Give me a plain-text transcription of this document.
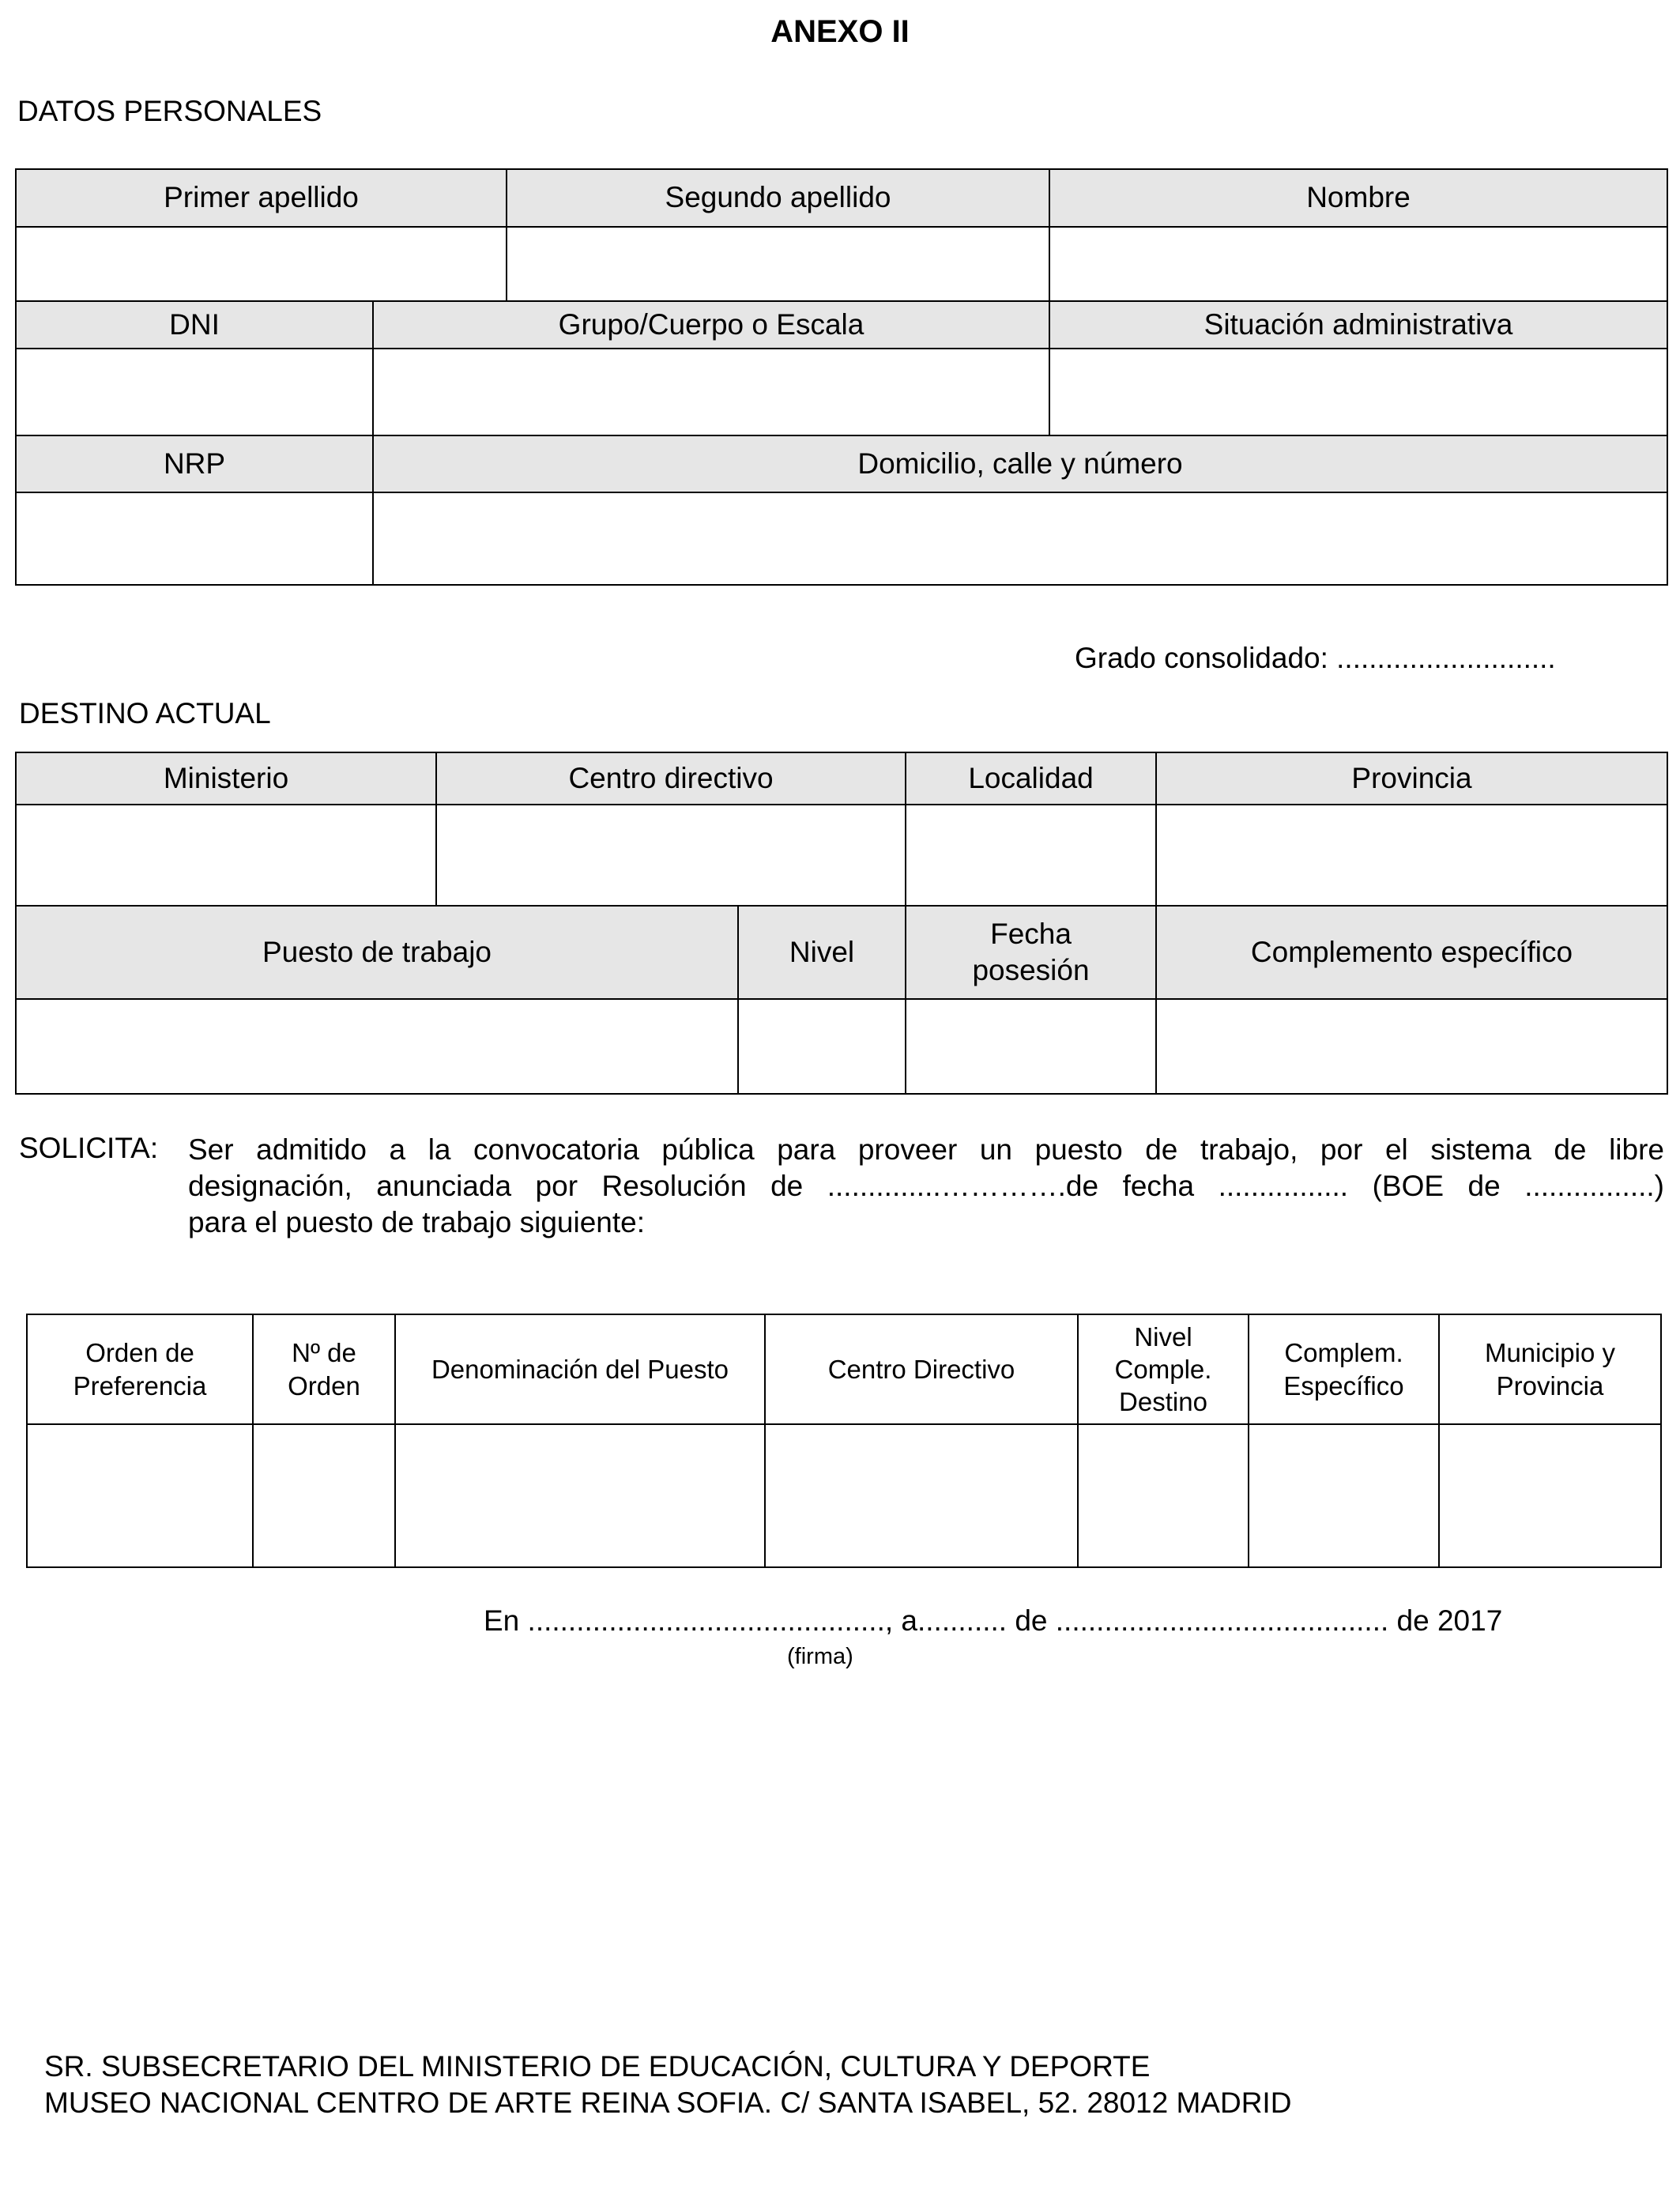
ANEXO II
DATOS PERSONALES
Primer apellido		Segundo apellido	Nombre

DNI	Grupo/Cuerpo o Escala		Situación administrativa

NRP	Domicilio, calle y número		

Grado consolidado: ...........................
DESTINO ACTUAL
Ministerio	Centro directivo		Localidad	Provincia

Puesto de trabajo		Nivel	Fecha posesión	Complemento específico

SOLICITA: Ser admitido a la convocatoria pública para proveer un puesto de trabajo, por el sistema de libre
designación, anunciada por Resolución de ..............………….de fecha ................ (BOE de ................)
para el puesto de trabajo siguiente:
Orden de Preferencia	Nº de Orden	Denominación del Puesto	Centro Directivo	Nivel Comple. Destino	Complem. Específico	Municipio y Provincia

En ............................................, a........... de ......................................... de 2017
(firma)
SR. SUBSECRETARIO DEL MINISTERIO DE EDUCACIÓN, CULTURA Y DEPORTE
MUSEO NACIONAL CENTRO DE ARTE REINA SOFIA. C/ SANTA ISABEL, 52. 28012 MADRID
